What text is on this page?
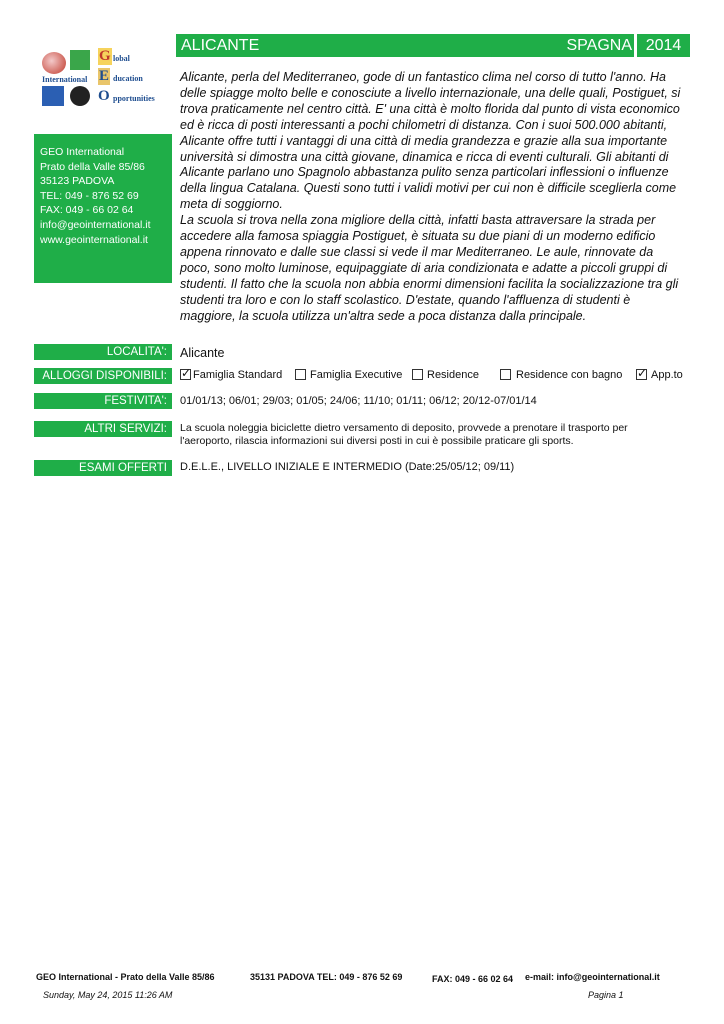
International
G lobal
E ducation
O pportunities
GEO International
Prato della Valle 85/86
35123 PADOVA
TEL: 049 - 876 52 69
FAX: 049 - 66 02 64
info@geointernational.it
www.geointernational.it
ALICANTE	SPAGNA 2014

Alicante, perla del Mediterraneo, gode di un fantastico clima nel corso di tutto l'anno. Ha delle spiagge molto belle e conosciute a livello internazionale, una delle quali, Postiguet, si trova praticamente nel centro città. E' una città è molto florida dal punto di vista economico ed è ricca di posti interessanti a pochi chilometri di distanza. Con i suoi 500.000 abitanti, Alicante offre tutti i vantaggi di una città di media grandezza e grazie alla sua importante università si dimostra una città giovane, dinamica e ricca di eventi culturali. Gli abitanti di Alicante parlano uno Spagnolo abbastanza pulito senza particolari inflessioni o influenze della lingua Catalana. Questi sono tutti i validi motivi per cui non è difficile sceglierla come meta di soggiorno.

La scuola si trova nella zona migliore della città, infatti basta attraversare la strada per accedere alla famosa spiaggia Postiguet, è situata su due piani di un moderno edificio appena rinnovato e dalle sue classi si vede il mar Mediterraneo. Le aule, rinnovate da poco, sono molto luminose, equipaggiate di aria condizionata e adatte a piccoli gruppi di studenti. Il fatto che la scuola non abbia enormi dimensioni facilita la socializzazione tra gli studenti tra loro e con lo staff scolastico. D'estate, quando l'affluenza di studenti è maggiore, la scuola utilizza un'altra sede a poca distanza dalla principale.

LOCALITA':	Alicante
ALLOGGI DISPONIBILI:	✓ Famiglia Standard	Famiglia Executive Residence	Residence con bagno ✓ App.to
FESTIVITA':	01/01/13; 06/01; 29/03; 01/05; 24/06; 11/10; 01/11; 06/12; 20/12-07/01/14
ALTRI SERVIZI:	La scuola noleggia biciclette dietro versamento di deposito, provvede a prenotare il trasporto per
l'aeroporto, rilascia informazioni sui diversi posti in cui è possibile praticare gli sports.
ESAMI OFFERTI	D.E.L.E., LIVELLO INIZIALE E INTERMEDIO (Date:25/05/12; 09/11)
GEO International - Prato della Valle 85/86	35131 PADOVA TEL: 049 - 876 52 69	FAX: 049 - 66 02 64 e-mail: info@geointernational.it
Sunday, May 24, 2015 11:26 AM	Pagina 1
